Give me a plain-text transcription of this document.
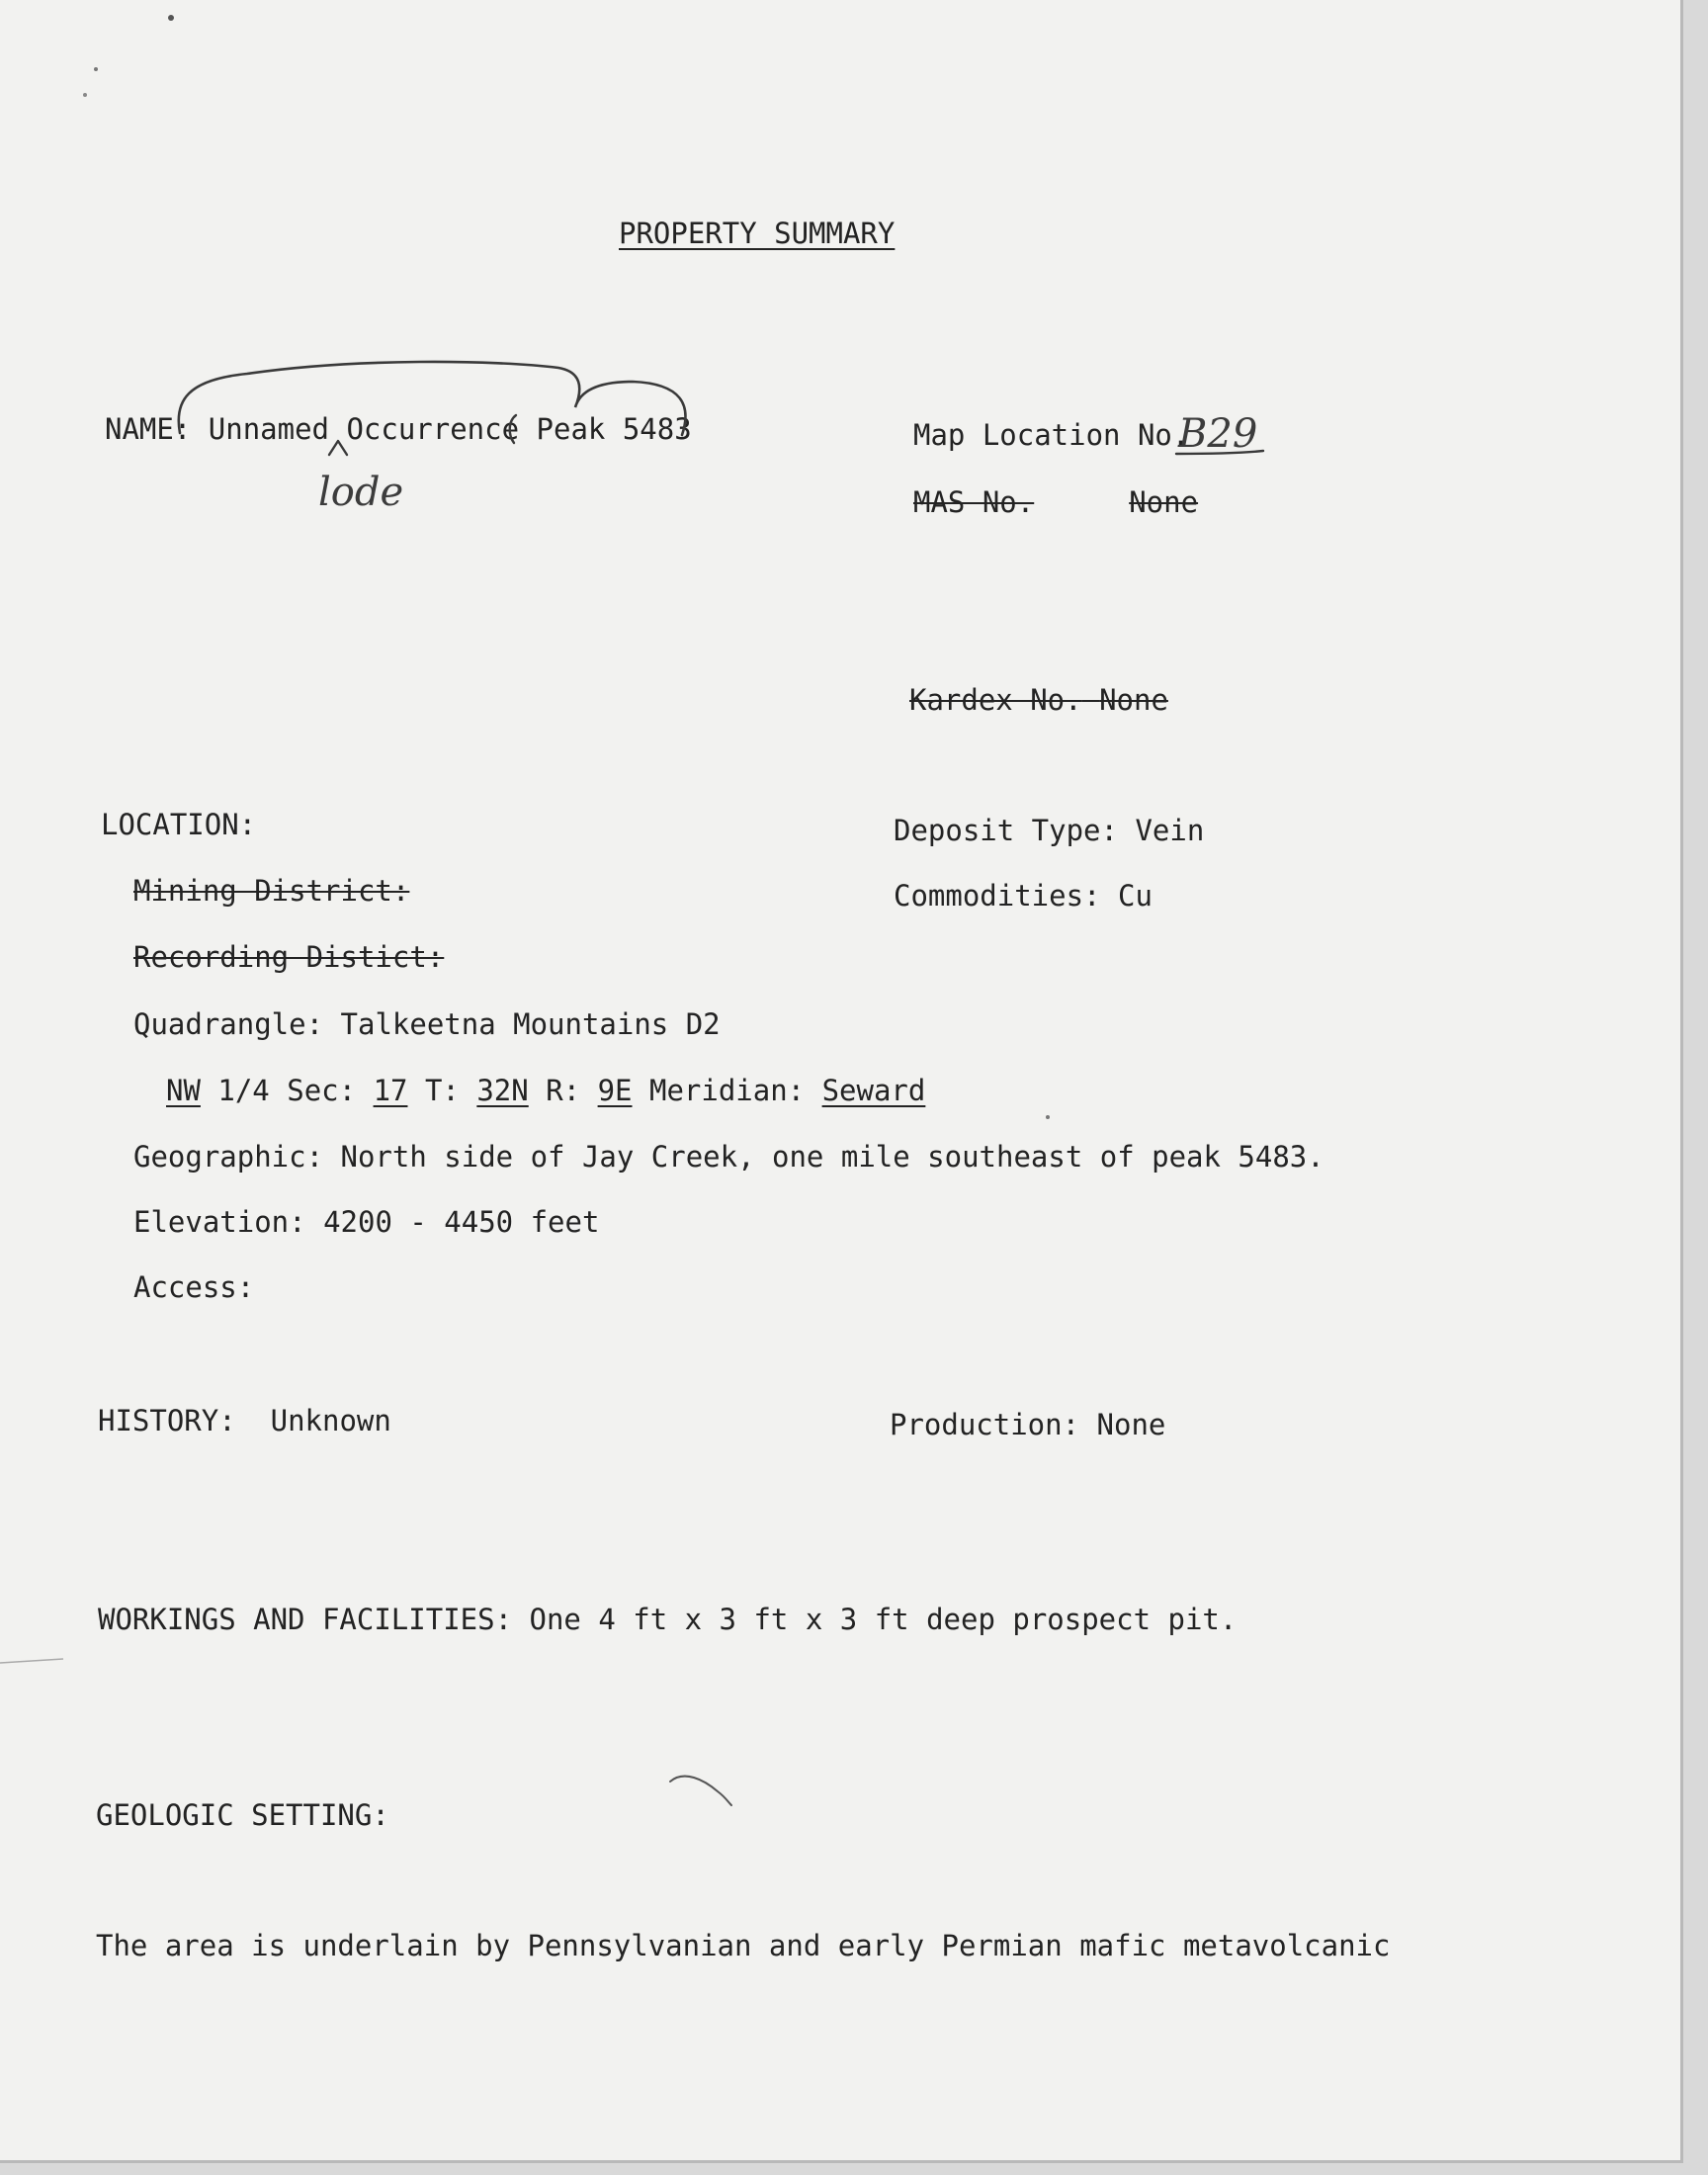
PROPERTY SUMMARY
NAME: Unnamed Occurrence Peak 5483
lode
Map Location No.
B29
MAS No.	None
Kardex No. None
LOCATION:
Mining District:
Recording Distict:
Quadrangle: Talkeetna Mountains D2
NW 1/4 Sec: 17 T: 32N R: 9E Meridian: Seward
Geographic: North side of Jay Creek, one mile southeast of peak 5483.
Elevation: 4200 - 4450 feet
Access:
Deposit Type: Vein
Commodities: Cu
HISTORY: Unknown	Production: None
WORKINGS AND FACILITIES: One 4 ft x 3 ft x 3 ft deep prospect pit.
GEOLOGIC SETTING:
The area is underlain by Pennsylvanian and early Permian mafic metavolcanic
